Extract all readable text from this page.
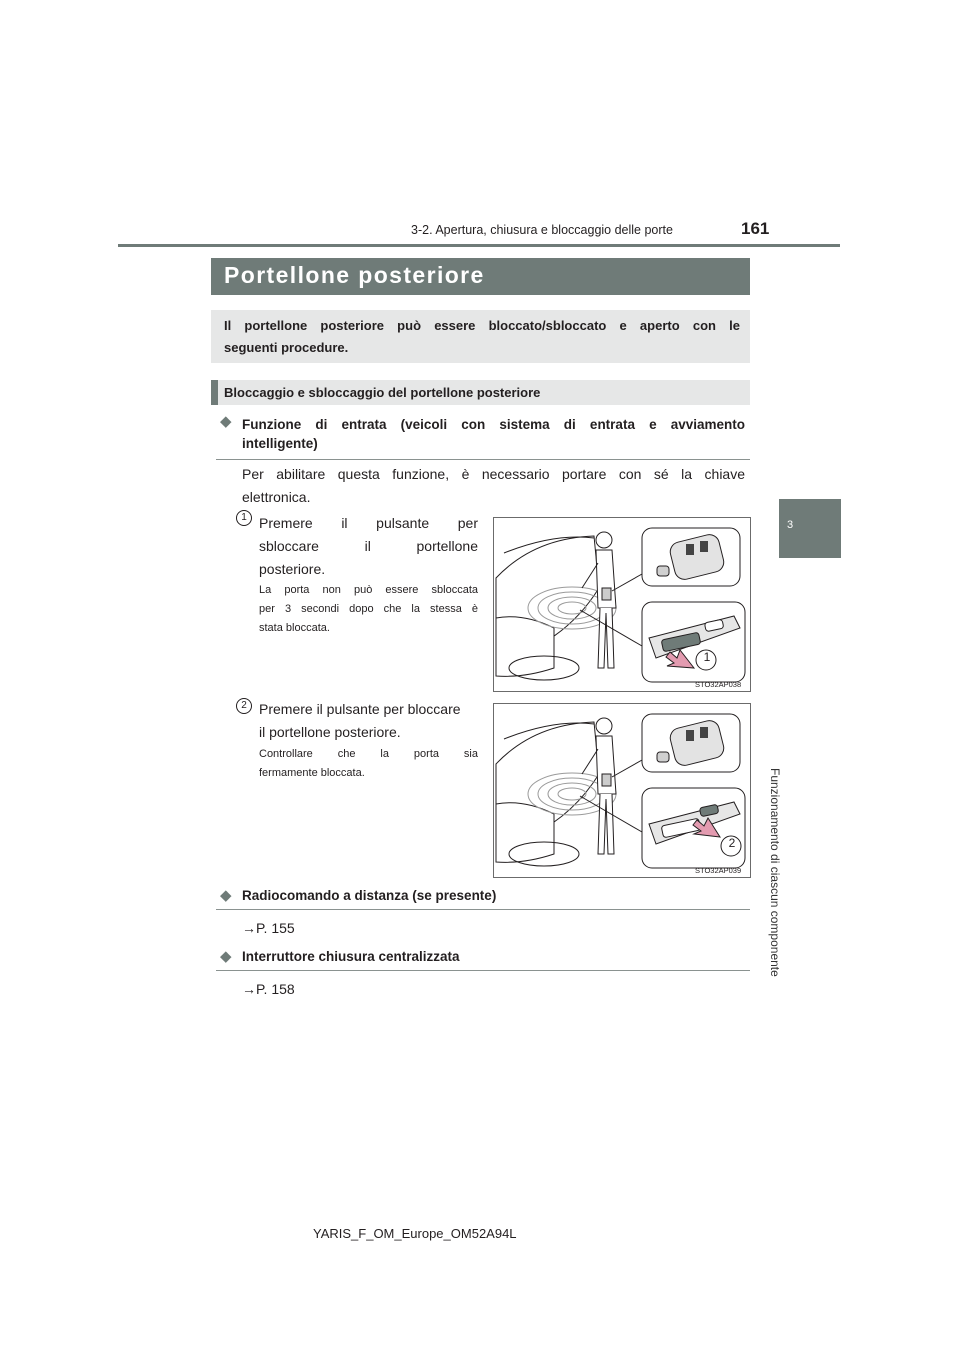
3-2. Apertura, chiusura e bloccaggio delle porte	161
3
Funzionamento di ciascun componente
Portellone posteriore
Il portellone posteriore può essere bloccato/sbloccato e aperto con le
seguenti procedure.
Bloccaggio e sbloccaggio del portellone posteriore
◆ Funzione di entrata (veicoli con sistema di entrata e avviamento
intelligente)
Per abilitare questa funzione, è necessario portare con sé la chiave
elettronica.
1 Premere il pulsante per
sbloccare il portellone
posteriore.
La porta non può essere sbloccata
per 3 secondi dopo che la stessa è
stata bloccata.
1
STO32AP038
2 Premere il pulsante per bloccare
il portellone posteriore.
Controllare che la porta sia
fermamente bloccata.
2
STO32AP039
◆ Radiocomando a distanza (se presente)
→P. 155
◆ Interruttore chiusura centralizzata
→P. 158
YARIS_F_OM_Europe_OM52A94L
